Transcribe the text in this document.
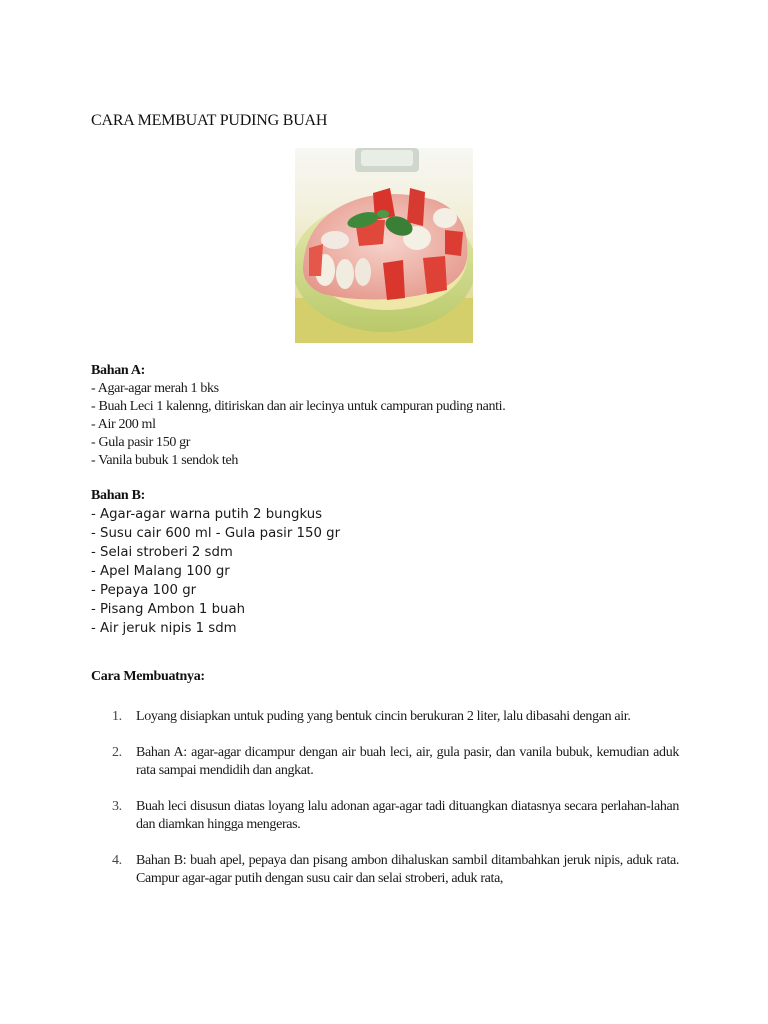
CARA MEMBUAT PUDING BUAH
Bahan A:
- Agar-agar merah 1 bks
- Buah Leci 1 kalenng, ditiriskan dan air lecinya untuk campuran puding nanti.
- Air 200 ml
- Gula pasir 150 gr
- Vanila bubuk 1 sendok teh
Bahan B:
- Agar-agar warna putih 2 bungkus
- Susu cair 600 ml - Gula pasir 150 gr
- Selai stroberi 2 sdm
- Apel Malang 100 gr
- Pepaya 100 gr
- Pisang Ambon 1 buah
- Air jeruk nipis 1 sdm
Cara Membuatnya:
1. Loyang disiapkan untuk puding yang bentuk cincin berukuran 2 liter, lalu dibasahi dengan air.
2. Bahan A: agar-agar dicampur dengan air buah leci, air, gula pasir, dan vanila bubuk, kemudian aduk rata sampai mendidih dan angkat.
3. Buah leci disusun diatas loyang lalu adonan agar-agar tadi dituangkan diatasnya secara perlahan-lahan dan diamkan hingga mengeras.
4. Bahan B: buah apel, pepaya dan pisang ambon dihaluskan sambil ditambahkan jeruk nipis, aduk rata. Campur agar-agar putih dengan susu cair dan selai stroberi, aduk rata,
